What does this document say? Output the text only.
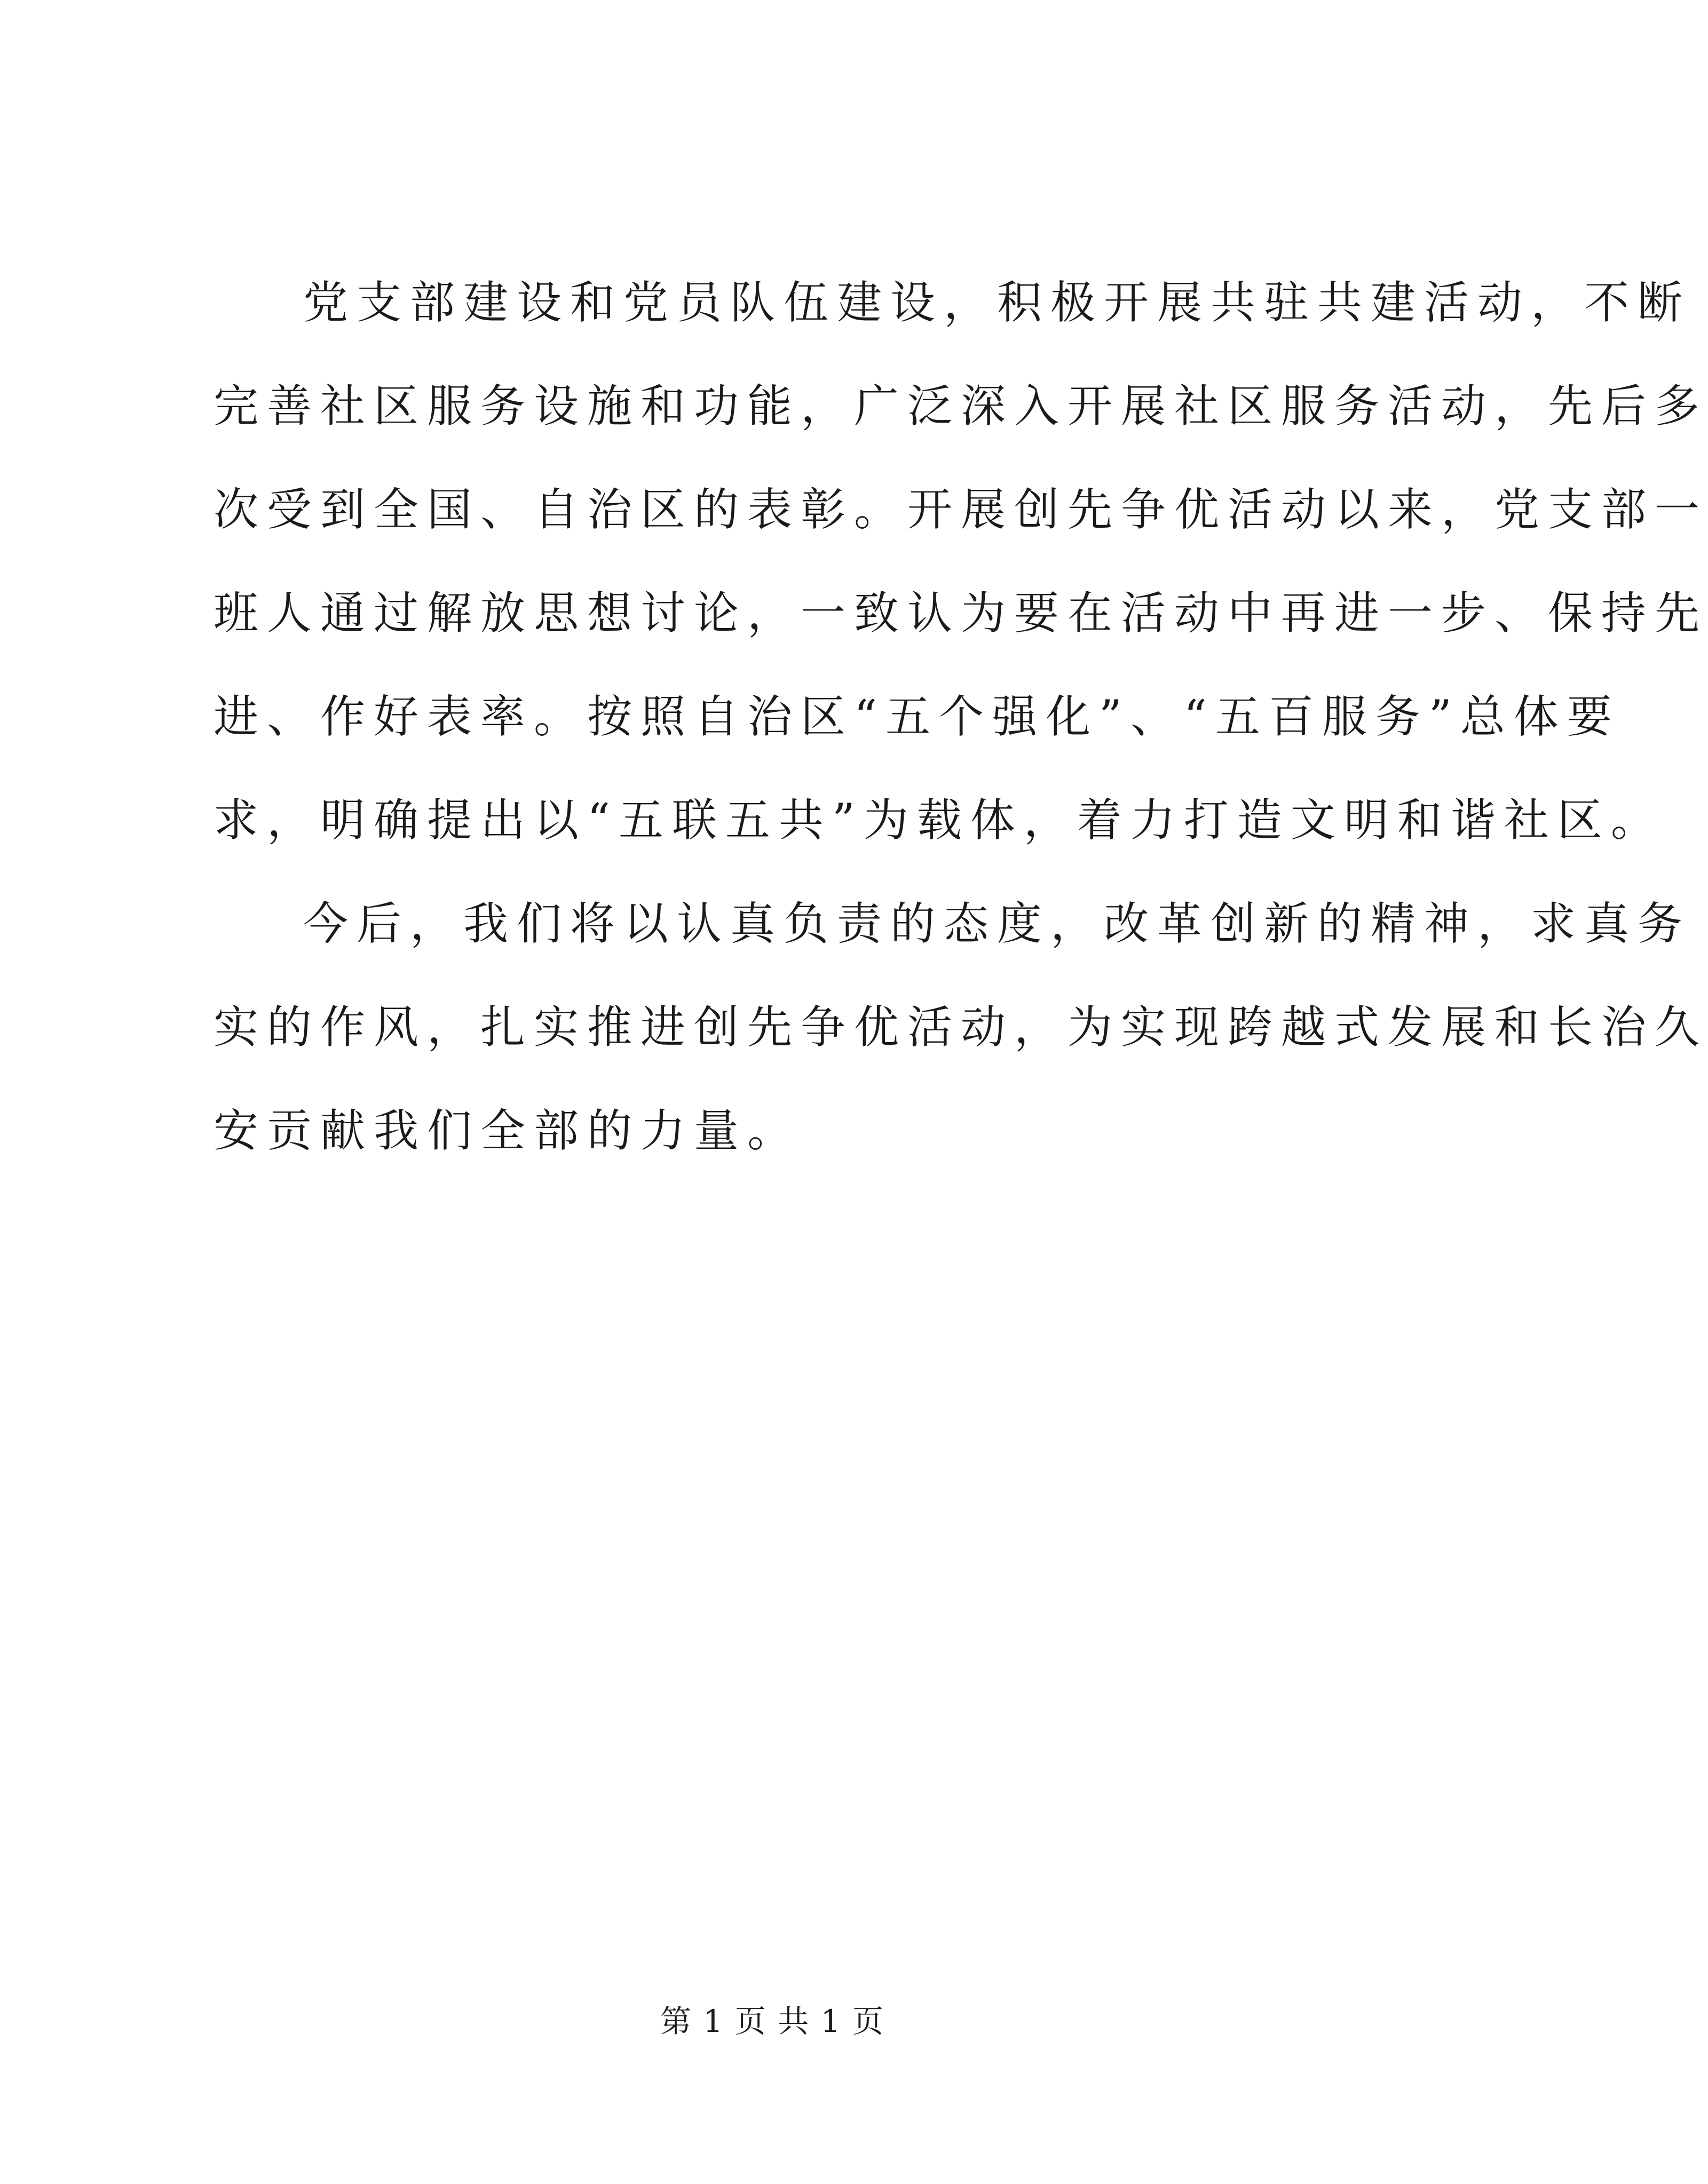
党支部建设和党员队伍建设，积极开展共驻共建活动，不断
完善社区服务设施和功能，广泛深入开展社区服务活动，先后多
次受到全国、自治区的表彰。开展创先争优活动以来，党支部一
班人通过解放思想讨论，一致认为要在活动中再进一步、保持先
进、作好表率。按照自治区“五个强化”、“五百服务”总体要
求，明确提出以“五联五共”为载体，着力打造文明和谐社区。
今后，我们将以认真负责的态度，改革创新的精神，求真务
实的作风，扎实推进创先争优活动，为实现跨越式发展和长治久
安贡献我们全部的力量。
第 1 页 共 1 页
